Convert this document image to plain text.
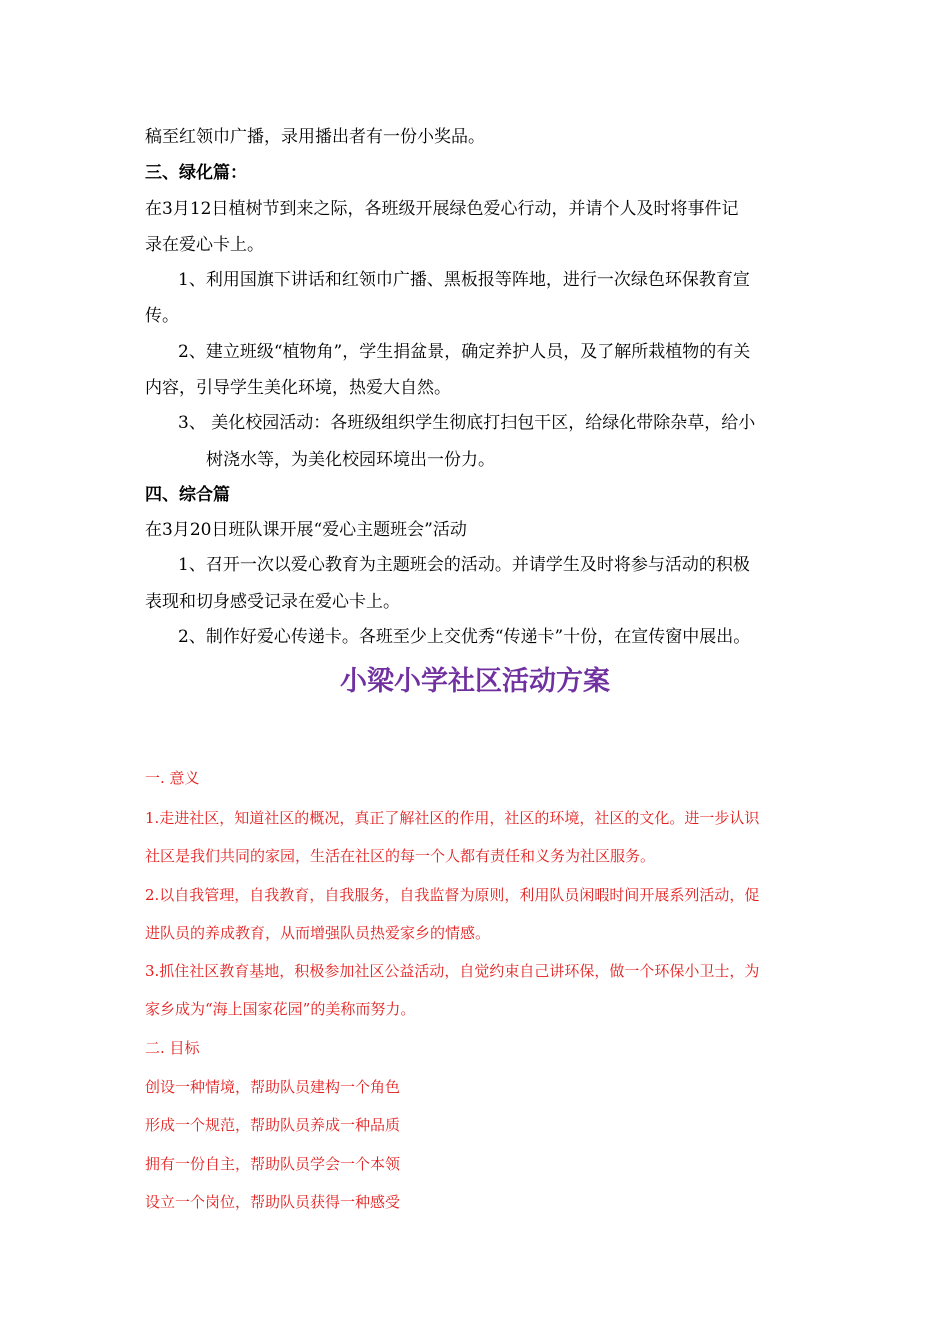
稿至红领巾广播，录用播出者有一份小奖品。
三、绿化篇：
在3月12日植树节到来之际，各班级开展绿色爱心行动，并请个人及时将事件记
录在爱心卡上。
1、利用国旗下讲话和红领巾广播、黑板报等阵地，进行一次绿色环保教育宣
传。
2、建立班级“植物角”，学生捐盆景，确定养护人员，及了解所栽植物的有关
内容，引导学生美化环境，热爱大自然。
3、 美化校园活动：各班级组织学生彻底打扫包干区，给绿化带除杂草，给小
树浇水等，为美化校园环境出一份力。
四、综合篇
在3月20日班队课开展“爱心主题班会”活动
1、召开一次以爱心教育为主题班会的活动。并请学生及时将参与活动的积极
表现和切身感受记录在爱心卡上。
2、制作好爱心传递卡。各班至少上交优秀“传递卡”十份，在宣传窗中展出。
小梁小学社区活动方案
一. 意义
1.走进社区，知道社区的概况，真正了解社区的作用，社区的环境，社区的文化。进一步认识
社区是我们共同的家园，生活在社区的每一个人都有责任和义务为社区服务。
2.以自我管理，自我教育，自我服务，自我监督为原则，利用队员闲暇时间开展系列活动，促
进队员的养成教育，从而增强队员热爱家乡的情感。
3.抓住社区教育基地，积极参加社区公益活动，自觉约束自己讲环保，做一个环保小卫士，为
家乡成为“海上国家花园”的美称而努力。
二. 目标
创设一种情境，帮助队员建构一个角色
形成一个规范，帮助队员养成一种品质
拥有一份自主，帮助队员学会一个本领
设立一个岗位，帮助队员获得一种感受
